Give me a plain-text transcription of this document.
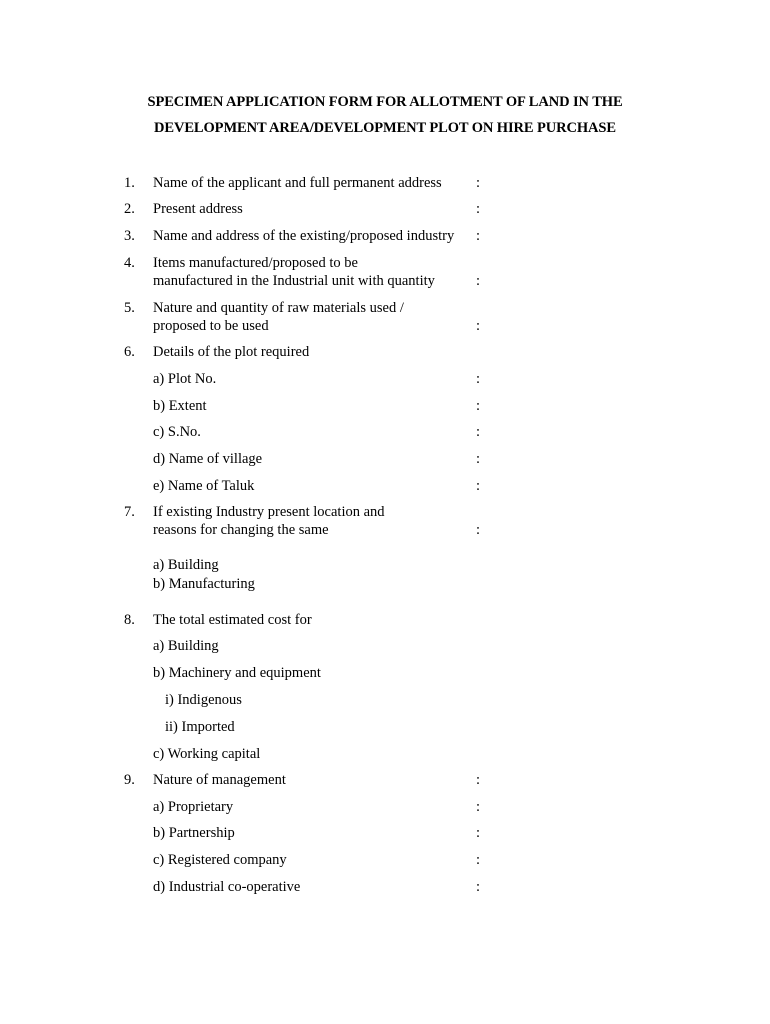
SPECIMEN APPLICATION FORM FOR ALLOTMENT OF LAND IN THE
DEVELOPMENT AREA/DEVELOPMENT PLOT ON HIRE PURCHASE
1. Name of the applicant and full permanent address :
2. Present address	:
3. Name and address of the existing/proposed industry :
4. Items manufactured/proposed to be
manufactured in the Industrial unit with quantity	:
5. Nature and quantity of raw materials used /
proposed to be used	:
6. Details of the plot required
a) Plot No.	:
b) Extent	:
c) S.No.	:
d) Name of village	:
e) Name of Taluk	:
7. If existing Industry present location and
reasons for changing the same	:
a) Building
b) Manufacturing
8. The total estimated cost for
a) Building
b) Machinery and equipment
i) Indigenous
ii) Imported
c) Working capital
9. Nature of management	:
a) Proprietary	:
b) Partnership	:
c) Registered company	:
d) Industrial co-operative	:
